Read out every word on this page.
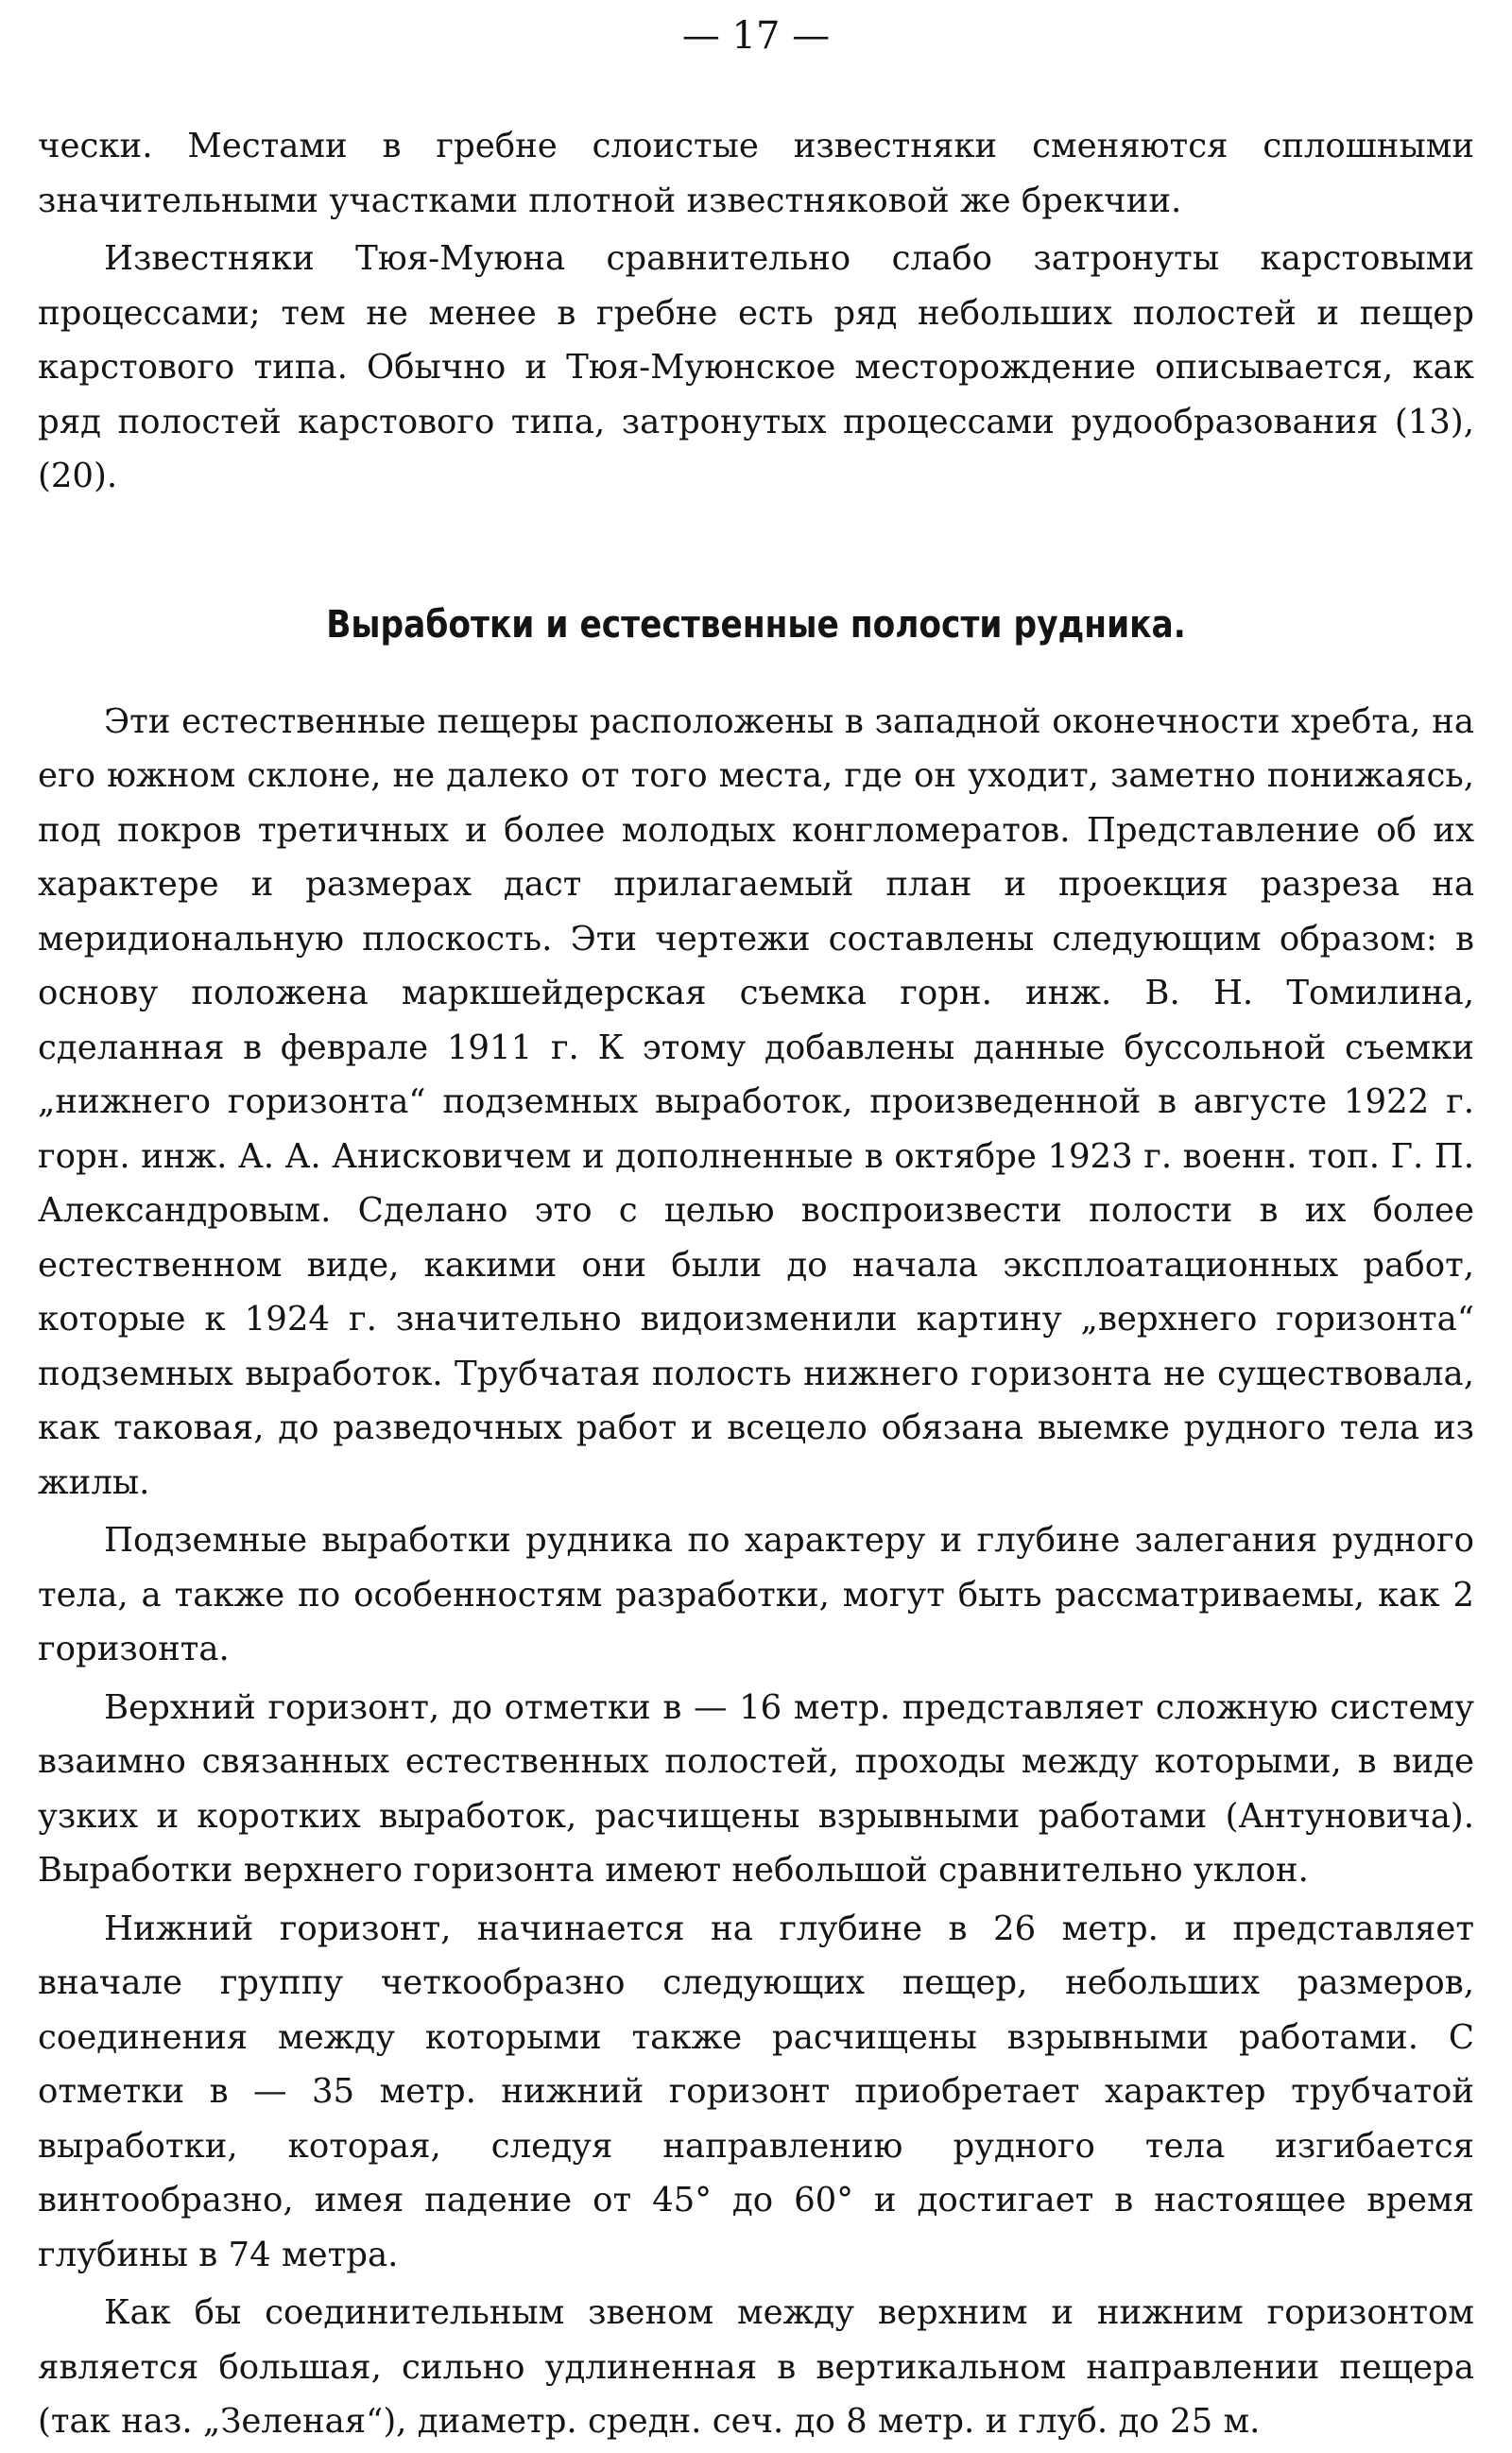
— 17 —

чески. Местами в гребне слоистые известняки сменяются сплошными значительными участками плотной известняковой же брекчии.

Известняки Тюя-Муюна сравнительно слабо затронуты карстовыми процессами; тем не менее в гребне есть ряд небольших полостей и пещер карстового типа. Обычно и Тюя-Муюнское месторождение описывается, как ряд полостей карстового типа, затронутых процессами рудообразования (13), (20).

Выработки и естественные полости рудника.

Эти естественные пещеры расположены в западной оконечности хребта, на его южном склоне, не далеко от того места, где он уходит, заметно понижаясь, под покров третичных и более молодых конгломератов. Представление об их характере и размерах даст прилагаемый план и проекция разреза на меридиональную плоскость. Эти чертежи составлены следующим образом: в основу положена маркшейдерская съемка горн. инж. В. Н. Томилина, сделанная в феврале 1911 г. К этому добавлены данные буссольной съемки „нижнего горизонта“ подземных выработок, произведенной в августе 1922 г. горн. инж. А. А. Анисковичем и дополненные в октябре 1923 г. военн. топ. Г. П. Александровым. Сделано это с целью воспроизвести полости в их более естественном виде, какими они были до начала эксплоатационных работ, которые к 1924 г. значительно видоизменили картину „верхнего горизонта“ подземных выработок. Трубчатая полость нижнего горизонта не существовала, как таковая, до разведочных работ и всецело обязана выемке рудного тела из жилы.

Подземные выработки рудника по характеру и глубине залегания рудного тела, а также по особенностям разработки, могут быть рассматриваемы, как 2 горизонта.

Верхний горизонт, до отметки в — 16 метр. представляет сложную систему взаимно связанных естественных полостей, проходы между которыми, в виде узких и коротких выработок, расчищены взрывными работами (Антуновича). Выработки верхнего горизонта имеют небольшой сравнительно уклон.

Нижний горизонт, начинается на глубине в 26 метр. и представляет вначале группу четкообразно следующих пещер, небольших размеров, соединения между которыми также расчищены взрывными работами. С отметки в — 35 метр. нижний горизонт приобретает характер трубчатой выработки, которая, следуя направлению рудного тела изгибается винтообразно, имея падение от 45° до 60° и достигает в настоящее время глубины в 74 метра.

Как бы соединительным звеном между верхним и нижним горизонтом является большая, сильно удлиненная в вертикальном направлении пещера (так наз. „Зеленая“), диаметр. средн. сеч. до 8 метр. и глуб. до 25 м.
